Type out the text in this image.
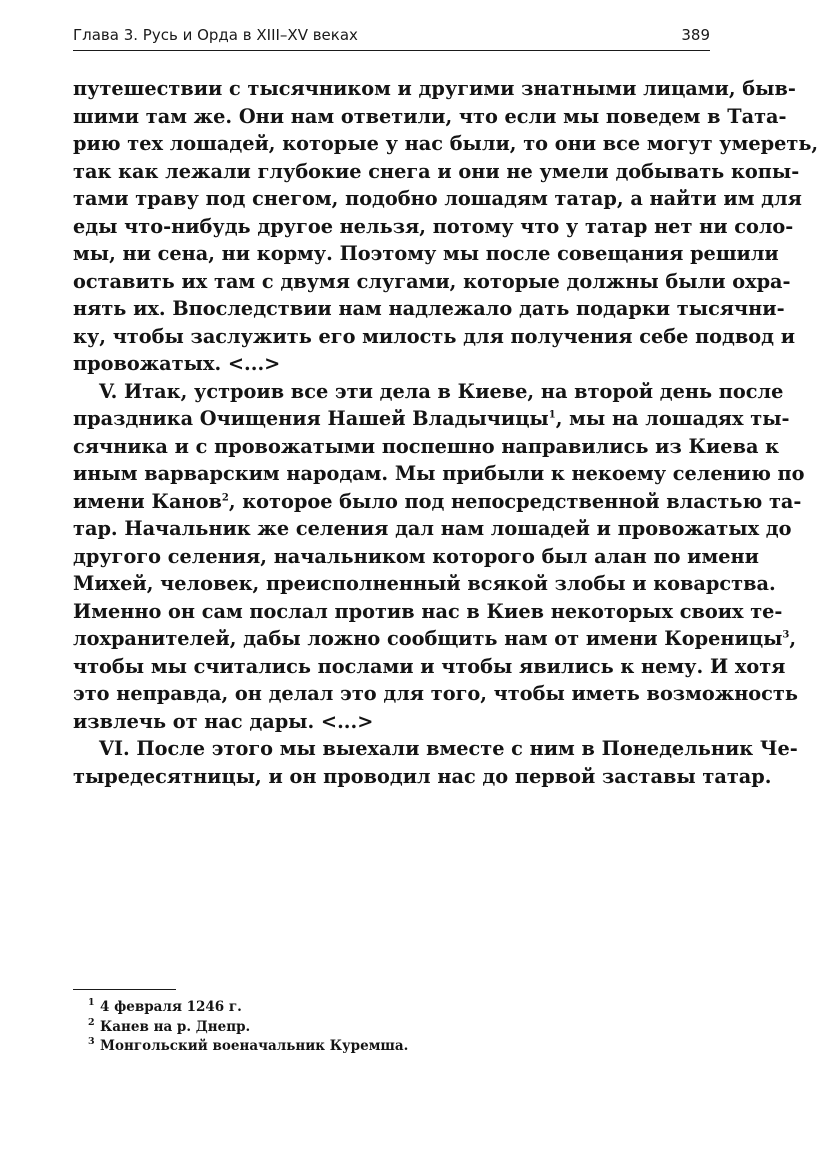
Глава 3. Русь и Орда в XIII–XV веках	389
путешествии с тысячником и другими знатными лицами, быв-
шими там же. Они нам ответили, что если мы поведем в Тата-
рию тех лошадей, которые у нас были, то они все могут умереть,
так как лежали глубокие снега и они не умели добывать копы-
тами траву под снегом, подобно лошадям татар, а найти им для
еды что-нибудь другое нельзя, потому что у татар нет ни соло-
мы, ни сена, ни корму. Поэтому мы после совещания решили
оставить их там с двумя слугами, которые должны были охра-
нять их. Впоследствии нам надлежало дать подарки тысячни-
ку, чтобы заслужить его милость для получения себе подвод и
провожатых. <...>
V. Итак, устроив все эти дела в Киеве, на второй день после
праздника Очищения Нашей Владычицы$^1$, мы на лошадях ты-
сячника и с провожатыми поспешно направились из Киева к
иным варварским народам. Мы прибыли к некоему селению по
имени Канов$^2$, которое было под непосредственной властью та-
тар. Начальник же селения дал нам лошадей и провожатых до
другого селения, начальником которого был алан по имени
Михей, человек, преисполненный всякой злобы и коварства.
Именно он сам послал против нас в Киев некоторых своих те-
лохранителей, дабы ложно сообщить нам от имени Кореницы$^3$,
чтобы мы считались послами и чтобы явились к нему. И хотя
это неправда, он делал это для того, чтобы иметь возможность
извлечь от нас дары. <...>
VI. После этого мы выехали вместе с ним в Понедельник Че-
тыредесятницы, и он проводил нас до первой заставы татар.
1 4 февраля 1246 г.
2 Канев на р. Днепр.
3 Монгольский военачальник Куремша.
